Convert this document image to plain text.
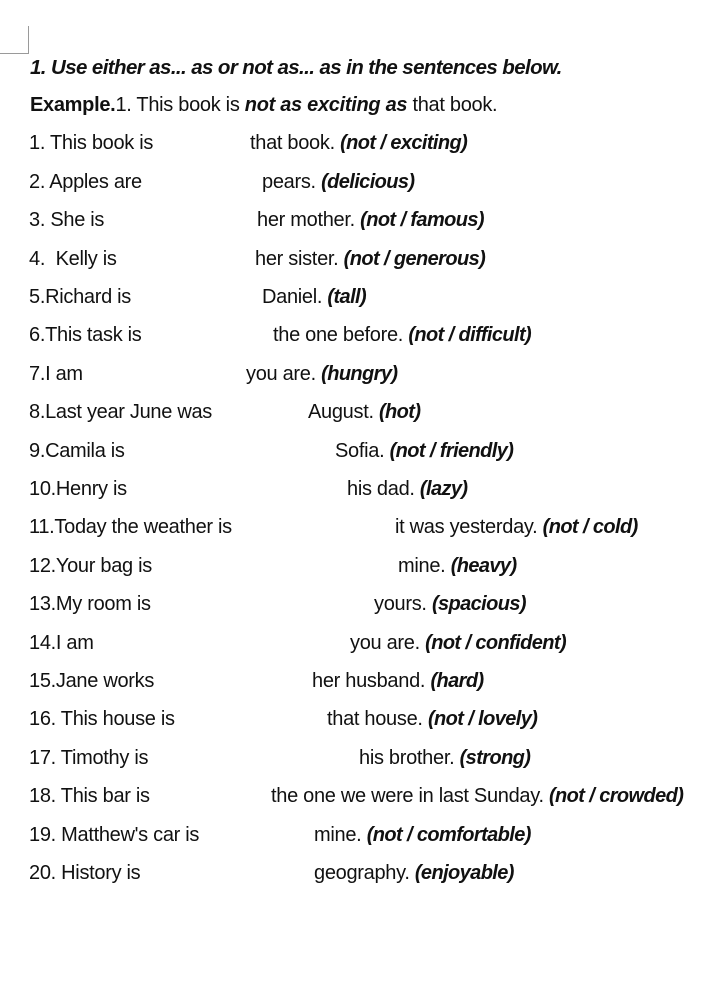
1. Use either as... as or not as... as in the sentences below.
Example.1. This book is not as exciting as that book.
1. This book is	that book. (not / exciting)
2. Apples are	pears. (delicious)
3. She is	her mother. (not / famous)
4.  Kelly is	her sister. (not / generous)
5.Richard is	Daniel. (tall)
6.This task is	the one before. (not / difficult)
7.I am	you are. (hungry)
8.Last year June was	August. (hot)
9.Camila is	Sofia. (not / friendly)
10.Henry is	his dad. (lazy)
11.Today the weather is	it was yesterday. (not / cold)
12.Your bag is	mine. (heavy)
13.My room is	yours. (spacious)
14.I am	you are. (not / confident)
15.Jane works	her husband. (hard)
16. This house is	that house. (not / lovely)
17. Timothy is	his brother. (strong)
18. This bar is	the one we were in last Sunday. (not / crowded)
19. Matthew's car is	mine. (not / comfortable)
20. History is	geography. (enjoyable)
